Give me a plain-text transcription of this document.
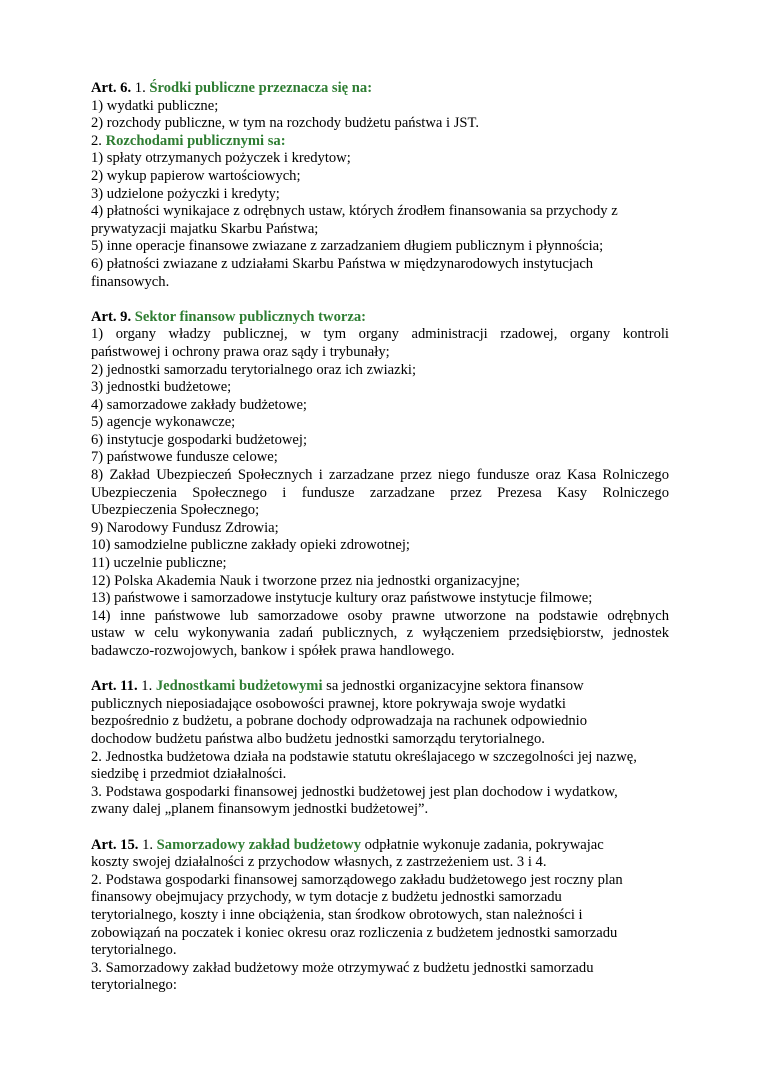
Art. 6. 1. Środki publiczne przeznacza się na:
1) wydatki publiczne;
2) rozchody publiczne, w tym na rozchody budżetu państwa i JST.
2. Rozchodami publicznymi sa:
1) spłaty otrzymanych pożyczek i kredytow;
2) wykup papierow wartościowych;
3) udzielone pożyczki i kredyty;
4) płatności wynikajace z odrębnych ustaw, których źrodłem finansowania sa przychody z
prywatyzacji majatku Skarbu Państwa;
5) inne operacje finansowe zwiazane z zarzadzaniem długiem publicznym i płynnościa;
6) płatności zwiazane z udziałami Skarbu Państwa w międzynarodowych instytucjach
finansowych.
Art. 9. Sektor finansow publicznych tworza:
1) organy władzy publicznej, w tym organy administracji rzadowej, organy kontroli
państwowej i ochrony prawa oraz sądy i trybunały;
2) jednostki samorzadu terytorialnego oraz ich zwiazki;
3) jednostki budżetowe;
4) samorzadowe zakłady budżetowe;
5) agencje wykonawcze;
6) instytucje gospodarki budżetowej;
7) państwowe fundusze celowe;
8) Zakład Ubezpieczeń Społecznych i zarzadzane przez niego fundusze oraz Kasa Rolniczego
Ubezpieczenia Społecznego i fundusze zarzadzane przez Prezesa Kasy Rolniczego
Ubezpieczenia Społecznego;
9) Narodowy Fundusz Zdrowia;
10) samodzielne publiczne zakłady opieki zdrowotnej;
11) uczelnie publiczne;
12) Polska Akademia Nauk i tworzone przez nia jednostki organizacyjne;
13) państwowe i samorzadowe instytucje kultury oraz państwowe instytucje filmowe;
14) inne państwowe lub samorzadowe osoby prawne utworzone na podstawie odrębnych
ustaw w celu wykonywania zadań publicznych, z wyłączeniem przedsiębiorstw, jednostek
badawczo-rozwojowych, bankow i spółek prawa handlowego.
Art. 11. 1. Jednostkami budżetowymi sa jednostki organizacyjne sektora finansow
publicznych nieposiadające osobowości prawnej, ktore pokrywaja swoje wydatki
bezpośrednio z budżetu, a pobrane dochody odprowadzaja na rachunek odpowiednio
dochodow budżetu państwa albo budżetu jednostki samorządu terytorialnego.
2. Jednostka budżetowa działa na podstawie statutu określajacego w szczegolności jej nazwę,
siedzibę i przedmiot działalności.
3. Podstawa gospodarki finansowej jednostki budżetowej jest plan dochodow i wydatkow,
zwany dalej „planem finansowym jednostki budżetowej”.
Art. 15. 1. Samorzadowy zakład budżetowy odpłatnie wykonuje zadania, pokrywajac
koszty swojej działalności z przychodow własnych, z zastrzeżeniem ust. 3 i 4.
2. Podstawa gospodarki finansowej samorządowego zakładu budżetowego jest roczny plan
finansowy obejmujacy przychody, w tym dotacje z budżetu jednostki samorzadu
terytorialnego, koszty i inne obciążenia, stan środkow obrotowych, stan należności i
zobowiązań na poczatek i koniec okresu oraz rozliczenia z budżetem jednostki samorzadu
terytorialnego.
3. Samorzadowy zakład budżetowy może otrzymywać z budżetu jednostki samorzadu
terytorialnego:
